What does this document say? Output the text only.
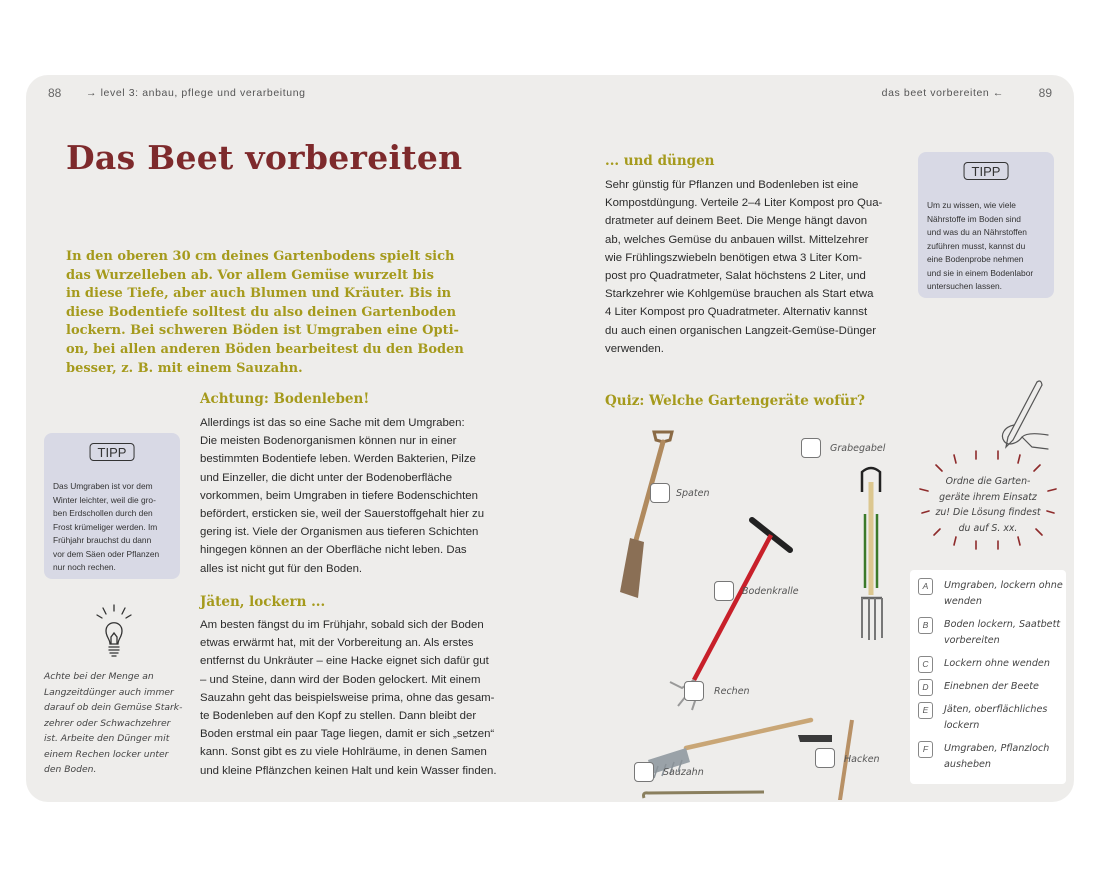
88 → level 3: anbau, pflege und verarbeitung	das beet vorbereiten ←	89
Das Beet vorbereiten
In den oberen 30 cm deines Gartenbodens spielt sich
das Wurzelleben ab. Vor allem Gemüse wurzelt bis
in diese Tiefe, aber auch Blumen und Kräuter. Bis in
diese Bodentiefe solltest du also deinen Gartenboden
lockern. Bei schweren Böden ist Umgraben eine Opti-
on, bei allen anderen Böden bearbeitest du den Boden
besser, z. B. mit einem Sauzahn.
Achtung: Bodenleben!
Allerdings ist das so eine Sache mit dem Umgraben:
Die meisten Bodenorganismen können nur in einer
bestimmten Bodentiefe leben. Werden Bakterien, Pilze
und Einzeller, die dicht unter der Bodenoberfläche
vorkommen, beim Umgraben in tiefere Bodenschichten
befördert, ersticken sie, weil der Sauerstoffgehalt hier zu
gering ist. Viele der Organismen aus tieferen Schichten
hingegen können an der Oberfläche nicht leben. Das
alles ist nicht gut für den Boden.
Jäten, lockern ...
Am besten fängst du im Frühjahr, sobald sich der Boden
etwas erwärmt hat, mit der Vorbereitung an. Als erstes
entfernst du Unkräuter – eine Hacke eignet sich dafür gut
– und Steine, dann wird der Boden gelockert. Mit einem
Sauzahn geht das beispielsweise prima, ohne das gesam-
te Bodenleben auf den Kopf zu stellen. Dann bleibt der
Boden erstmal ein paar Tage liegen, damit er sich „setzen“
kann. Sonst gibt es zu viele Hohlräume, in denen Samen
und kleine Pflänzchen keinen Halt und kein Wasser finden.
TIPP
Das Umgraben ist vor dem
Winter leichter, weil die gro-
ben Erdschollen durch den
Frost krümeliger werden. Im
Frühjahr brauchst du dann
vor dem Säen oder Pflanzen
nur noch rechen.
Achte bei der Menge an
Langzeitdünger auch immer
darauf ob dein Gemüse Stark-
zehrer oder Schwachzehrer
ist. Arbeite den Dünger mit
einem Rechen locker unter
den Boden.
... und düngen
Sehr günstig für Pflanzen und Bodenleben ist eine
Kompostdüngung. Verteile 2–4 Liter Kompost pro Qua-
dratmeter auf deinem Beet. Die Menge hängt davon
ab, welches Gemüse du anbauen willst. Mittelzehrer
wie Frühlingszwiebeln benötigen etwa 3 Liter Kom-
post pro Quadratmeter, Salat höchstens 2 Liter, und
Starkzehrer wie Kohlgemüse brauchen als Start etwa
4 Liter Kompost pro Quadratmeter. Alternativ kannst
du auch einen organischen Langzeit-Gemüse-Dünger
verwenden.
TIPP
Um zu wissen, wie viele
Nährstoffe im Boden sind
und was du an Nährstoffen
zuführen musst, kannst du
eine Bodenprobe nehmen
und sie in einem Bodenlabor
untersuchen lassen.
Quiz: Welche Gartengeräte wofür?
Spaten
Grabegabel
Bodenkralle
Rechen
Hacken
Sauzahn
Ordne die Garten-
geräte ihrem Einsatz
zu! Die Lösung findest
du auf S. xx.
A	Umgraben, lockern ohne
wenden
B	Boden lockern, Saatbett
vorbereiten
C	Lockern ohne wenden
D	Einebnen der Beete
E	Jäten, oberflächliches
lockern
F	Umgraben, Pflanzloch
ausheben
